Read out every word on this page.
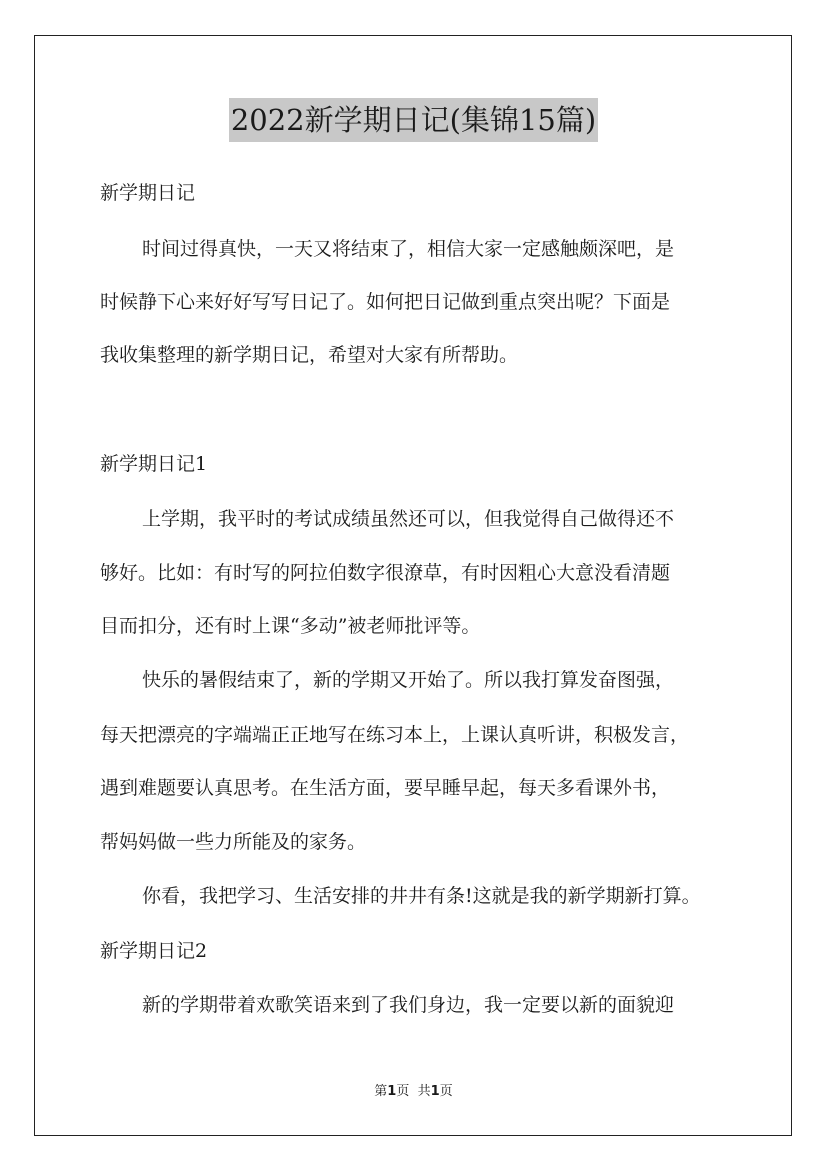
2022新学期日记(集锦15篇)
新学期日记
时间过得真快，一天又将结束了，相信大家一定感触颇深吧，是
时候静下心来好好写写日记了。如何把日记做到重点突出呢？下面是
我收集整理的新学期日记，希望对大家有所帮助。
新学期日记1
上学期，我平时的考试成绩虽然还可以，但我觉得自己做得还不
够好。比如：有时写的阿拉伯数字很潦草，有时因粗心大意没看清题
目而扣分，还有时上课“多动”被老师批评等。
快乐的暑假结束了，新的学期又开始了。所以我打算发奋图强，
每天把漂亮的字端端正正地写在练习本上，上课认真听讲，积极发言，
遇到难题要认真思考。在生活方面，要早睡早起，每天多看课外书，
帮妈妈做一些力所能及的家务。
你看，我把学习、生活安排的井井有条!这就是我的新学期新打算。
新学期日记2
新的学期带着欢歌笑语来到了我们身边，我一定要以新的面貌迎
第1页 共1页
